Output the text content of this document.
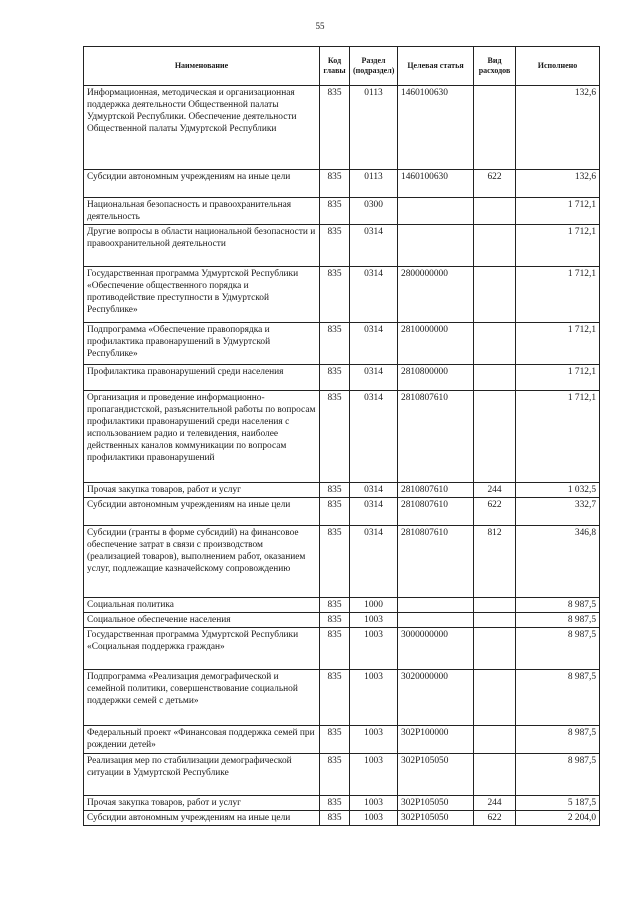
55
Наименование	Код главы	Раздел (подраздел)	Целевая статья	Вид расходов	Исполнено
Информационная, методическая и организационная поддержка деятельности Общественной палаты Удмуртской Республики. Обеспечение деятельности Общественной палаты Удмуртской Республики	835	0113	1460100630		132,6
Субсидии автономным учреждениям на иные цели	835	0113	1460100630	622	132,6
Национальная безопасность и правоохранительная деятельность	835	0300			1 712,1
Другие вопросы в области национальной безопасности и правоохранительной деятельности	835	0314			1 712,1
Государственная программа Удмуртской Республики «Обеспечение общественного порядка и противодействие преступности в Удмуртской Республике»	835	0314	2800000000		1 712,1
Подпрограмма «Обеспечение правопорядка и профилактика правонарушений в Удмуртской Республике»	835	0314	2810000000		1 712,1
Профилактика правонарушений среди населения	835	0314	2810800000		1 712,1
Организация и проведение информационно-пропагандистской, разъяснительной работы по вопросам профилактики правонарушений среди населения с использованием радио и телевидения, наиболее действенных каналов коммуникации по вопросам профилактики правонарушений	835	0314	2810807610		1 712,1
Прочая закупка товаров, работ и услуг	835	0314	2810807610	244	1 032,5
Субсидии автономным учреждениям на иные цели	835	0314	2810807610	622	332,7
Субсидии (гранты в форме субсидий) на финансовое обеспечение затрат в связи с производством (реализацией товаров), выполнением работ, оказанием услуг, подлежащие казначейскому сопровождению	835	0314	2810807610	812	346,8
Социальная политика	835	1000			8 987,5
Социальное обеспечение населения	835	1003			8 987,5
Государственная программа Удмуртской Республики «Социальная поддержка граждан»	835	1003	3000000000		8 987,5
Подпрограмма «Реализация демографической и семейной политики, совершенствование социальной поддержки семей с детьми»	835	1003	3020000000		8 987,5
Федеральный проект «Финансовая поддержка семей при рождении детей»	835	1003	302P100000		8 987,5
Реализация мер по стабилизации демографической ситуации в Удмуртской Республике	835	1003	302P105050		8 987,5
Прочая закупка товаров, работ и услуг	835	1003	302P105050	244	5 187,5
Субсидии автономным учреждениям на иные цели	835	1003	302P105050	622	2 204,0
